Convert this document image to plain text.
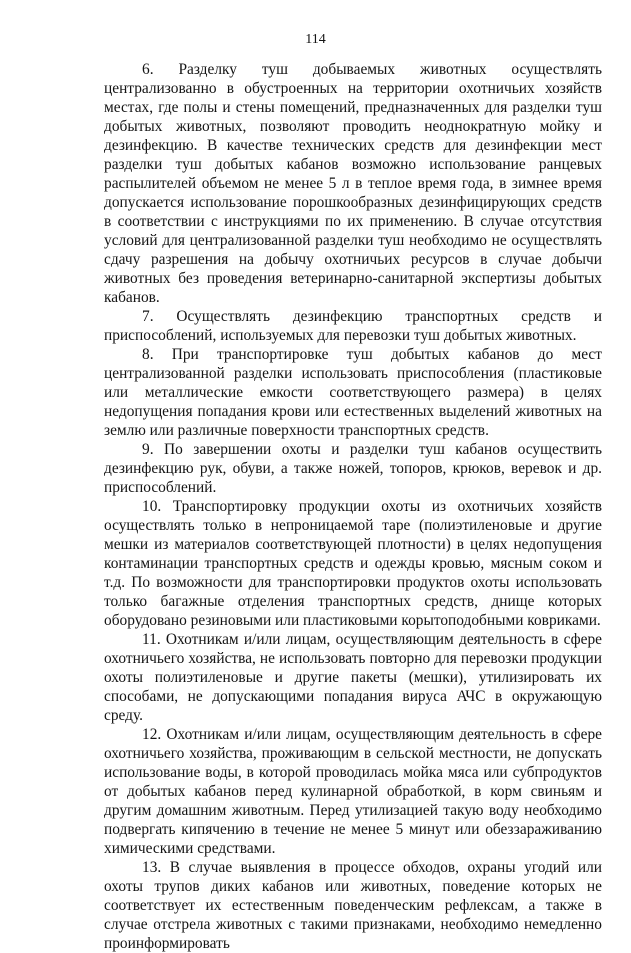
114

6. Разделку туш добываемых животных осуществлять централизованно в обустроенных на территории охотничьих хозяйств местах, где полы и стены помещений, предназначенных для разделки туш добытых животных, позволяют проводить неоднократную мойку и дезинфекцию. В качестве технических средств для дезинфекции мест разделки туш добытых кабанов возможно использование ранцевых распылителей объемом не менее 5 л в теплое время года, в зимнее время допускается использование порошкообразных дезинфицирующих средств в соответствии с инструкциями по их применению. В случае отсутствия условий для централизованной разделки туш необходимо не осуществлять сдачу разрешения на добычу охотничьих ресурсов в случае добычи животных без проведения ветеринарно-санитарной экспертизы добытых кабанов.

7. Осуществлять дезинфекцию транспортных средств и приспособлений, используемых для перевозки туш добытых животных.

8. При транспортировке туш добытых кабанов до мест централизованной разделки использовать приспособления (пластиковые или металлические емкости соответствующего размера) в целях недопущения попадания крови или естественных выделений животных на землю или различные поверхности транспортных средств.

9. По завершении охоты и разделки туш кабанов осуществить дезинфекцию рук, обуви, а также ножей, топоров, крюков, веревок и др. приспособлений.

10. Транспортировку продукции охоты из охотничьих хозяйств осуществлять только в непроницаемой таре (полиэтиленовые и другие мешки из материалов соответствующей плотности) в целях недопущения контаминации транспортных средств и одежды кровью, мясным соком и т.д. По возможности для транспортировки продуктов охоты использовать только багажные отделения транспортных средств, днище которых оборудовано резиновыми или пластиковыми корытоподобными ковриками.

11. Охотникам и/или лицам, осуществляющим деятельность в сфере охотничьего хозяйства, не использовать повторно для перевозки продукции охоты полиэтиленовые и другие пакеты (мешки), утилизировать их способами, не допускающими попадания вируса АЧС в окружающую среду.

12. Охотникам и/или лицам, осуществляющим деятельность в сфере охотничьего хозяйства, проживающим в сельской местности, не допускать использование воды, в которой проводилась мойка мяса или субпродуктов от добытых кабанов перед кулинарной обработкой, в корм свиньям и другим домашним животным. Перед утилизацией такую воду необходимо подвергать кипячению в течение не менее 5 минут или обеззараживанию химическими средствами.

13. В случае выявления в процессе обходов, охраны угодий или охоты трупов диких кабанов или животных, поведение которых не соответствует их естественным поведенческим рефлексам, а также в случае отстрела животных с такими признаками, необходимо немедленно проинформировать
